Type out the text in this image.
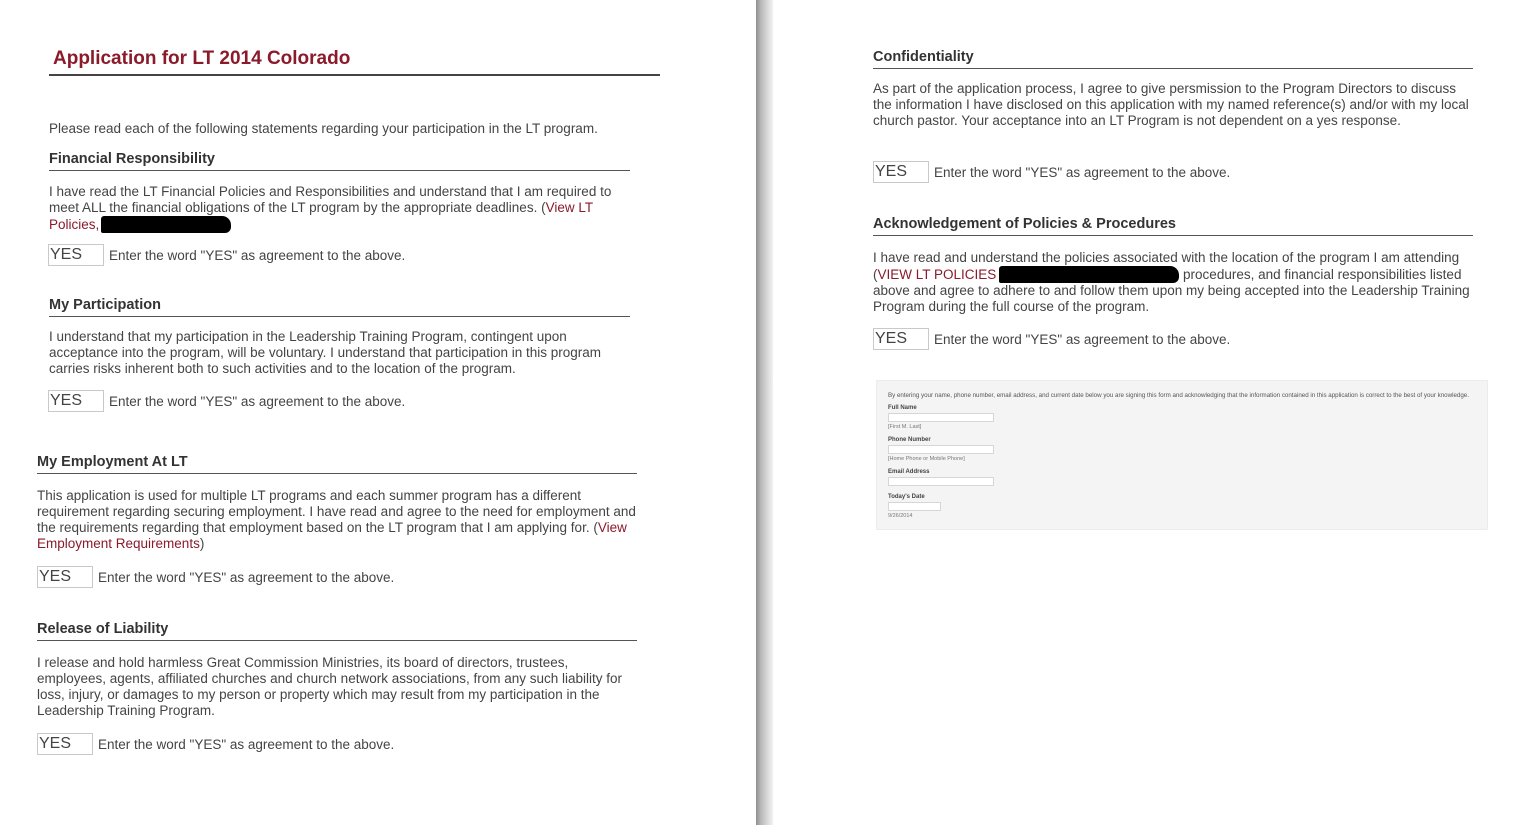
Application for LT 2014 Colorado
Please read each of the following statements regarding your participation in the LT program.
Financial Responsibility
I have read the LT Financial Policies and Responsibilities and understand that I am required to meet ALL the financial obligations of the LT program by the appropriate deadlines. (View LT Policies,
YES
Enter the word "YES" as agreement to the above.
My Participation
I understand that my participation in the Leadership Training Program, contingent upon acceptance into the program, will be voluntary. I understand that participation in this program carries risks inherent both to such activities and to the location of the program.
YES
Enter the word "YES" as agreement to the above.
My Employment At LT
This application is used for multiple LT programs and each summer program has a different requirement regarding securing employment. I have read and agree to the need for employment and the requirements regarding that employment based on the LT program that I am applying for. (View Employment Requirements)
YES
Enter the word "YES" as agreement to the above.
Release of Liability
I release and hold harmless Great Commission Ministries, its board of directors, trustees, employees, agents, affiliated churches and church network associations, from any such liability for loss, injury, or damages to my person or property which may result from my participation in the Leadership Training Program.
YES
Enter the word "YES" as agreement to the above.
Confidentiality
As part of the application process, I agree to give persmission to the Program Directors to discuss the information I have disclosed on this application with my named reference(s) and/or with my local church pastor. Your acceptance into an LT Program is not dependent on a yes response.
YES
Enter the word "YES" as agreement to the above.
Acknowledgement of Policies & Procedures
I have read and understand the policies associated with the location of the program I am attending (VIEW LT POLICIES	procedures, and financial responsibilities listed above and agree to adhere to and follow them upon my being accepted into the Leadership Training Program during the full course of the program.
YES
Enter the word "YES" as agreement to the above.
By entering your name, phone number, email address, and current date below you are signing this form and acknowledging that the information contained in this application is correct to the best of your knowledge.
Full Name
[First M. Last]
Phone Number
[Home Phone or Mobile Phone]
Email Address
Today's Date
9/26/2014
